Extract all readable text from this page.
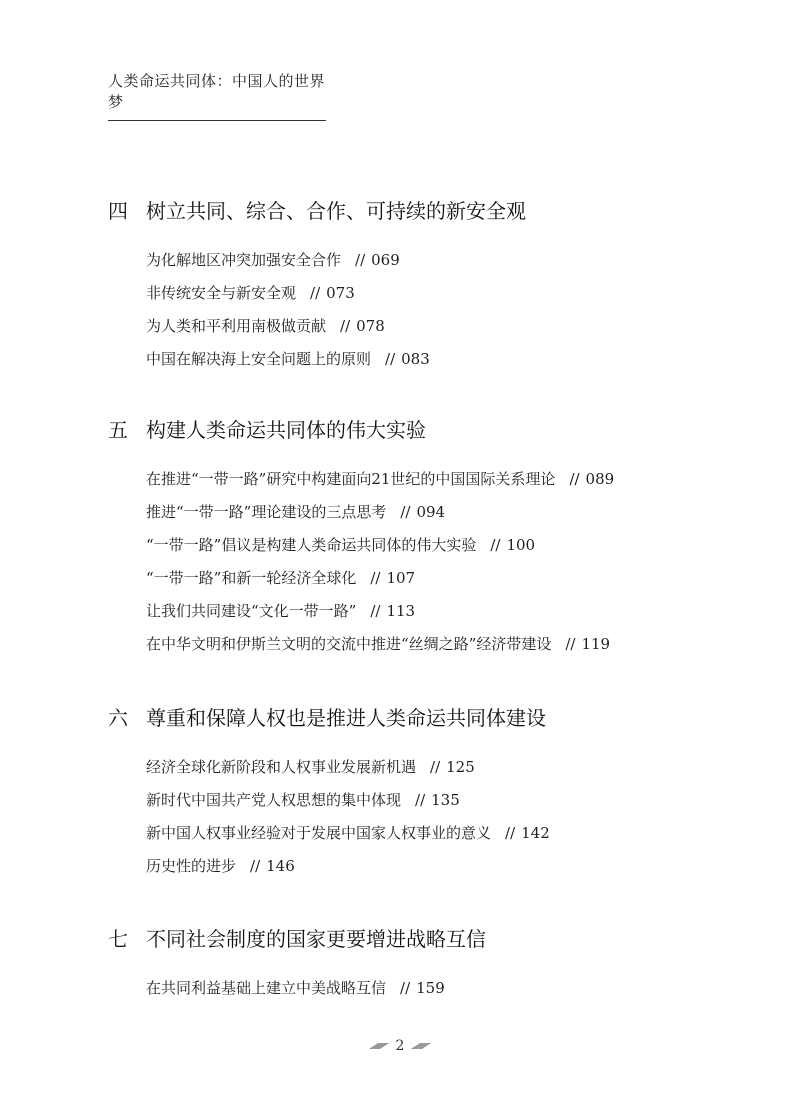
人类命运共同体：中国人的世界梦
四 树立共同、综合、合作、可持续的新安全观
为化解地区冲突加强安全合作 // 069
非传统安全与新安全观 // 073
为人类和平利用南极做贡献 // 078
中国在解决海上安全问题上的原则 // 083
五 构建人类命运共同体的伟大实验
在推进“一带一路”研究中构建面向21世纪的中国国际关系理论 // 089
推进“一带一路”理论建设的三点思考 // 094
“一带一路”倡议是构建人类命运共同体的伟大实验 // 100
“一带一路”和新一轮经济全球化 // 107
让我们共同建设“文化一带一路” // 113
在中华文明和伊斯兰文明的交流中推进“丝绸之路”经济带建设 // 119
六 尊重和保障人权也是推进人类命运共同体建设
经济全球化新阶段和人权事业发展新机遇 // 125
新时代中国共产党人权思想的集中体现 // 135
新中国人权事业经验对于发展中国家人权事业的意义 // 142
历史性的进步 // 146
七 不同社会制度的国家更要增进战略互信
在共同利益基础上建立中美战略互信 // 159
2
